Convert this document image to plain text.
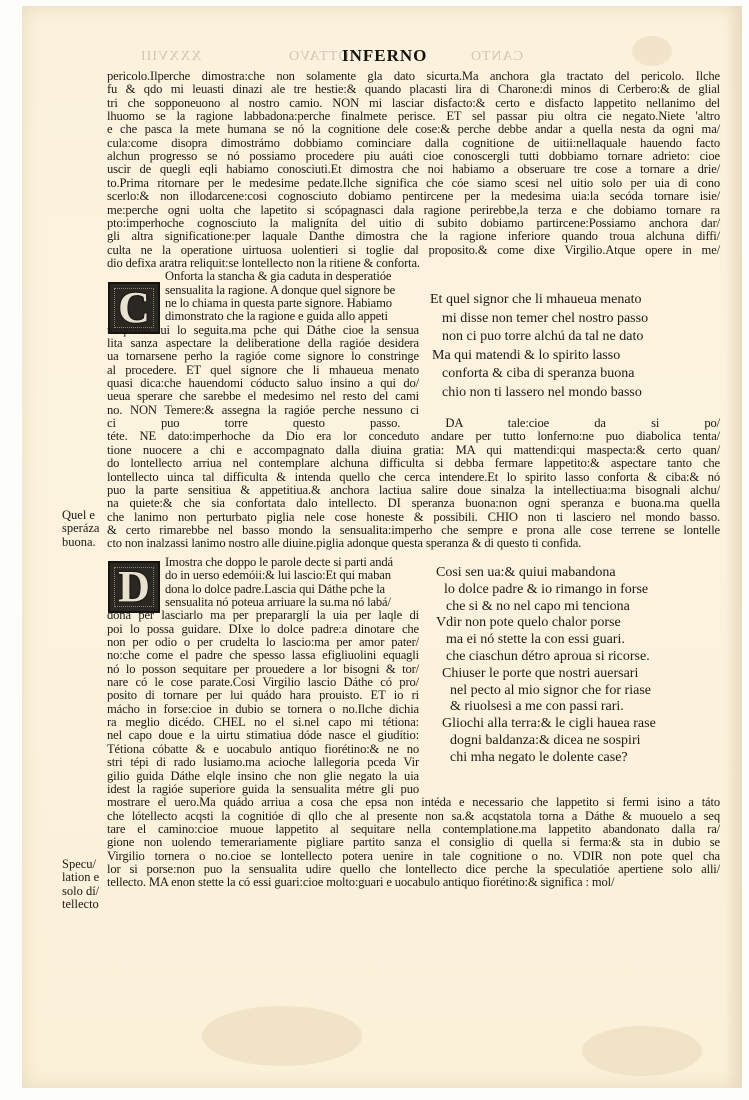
XXXVIII	OTTAVO	CANTO
INFERNO
pericolo.Ilperche dimostra:che non solamente gla dato sicurta.Ma anchora gla tractato del pericolo. Ilche
fu & qdo mi leuasti dinazi ale tre hestie:& quando placasti lira di Charone:di minos di Cerbero:& de glial
tri che sopponeuono al nostro camio. NON mi lasciar disfacto:& certo e disfacto lappetito nellanimo del
lhuomo se la ragione labbadona:perche finalmete perisce. ET sel passar piu oltra cie negato.Niete 'altro
e che pasca la mete humana se nó la cognitione dele cose:& perche debbe andar a quella nesta da ogni ma/
cula:come disopra dimostrámo dobbiamo cominciare dalla cognitione de uitii:nellaquale hauendo facto
alchun progresso se nó possiamo procedere piu auáti cioe conoscergli tutti dobbiamo tornare adrieto: cioe
uscir de quegli eqli habiamo conosciuti.Et dimostra che noi habiamo a obseruare tre cose a tornare a drie/
to.Prima ritornare per le medesime pedate.Ilche significa che cóe siamo scesi nel uitio solo per uia di cono
scerlo:& non illodarcene:cosi cognosciuto dobiamo pentircene per la medesima uia:la secóda tornare isie/
me:perche ogni uolta che lapetito si scópagnasci dala ragione perirebbe,la terza e che dobiamo tornare ra
pto:imperhoche cognosciuto la maligníta del uitio di subito dobiamo partircene:Possiamo anchora dar/
gli altra significatione:per laquale Danthe dimostra che la ragione inferiore quando troua alchuna diffi/
culta ne la operatione uirtuosa uolentieri si toglie dal proposito.& come dixe Virgilio.Atque opere in me/
dio defixa aratra reliquit:se lontellecto non la ritiene & conforta.
C
Onforta la stancha & gia caduta in desperatióe
sensualita la ragione. A donque quel signore be
ne lo chiama in questa parte signore. Habiamo
dimonstrato che la ragione e guida allo appeti
to:quádo lui lo seguita.ma pche qui Dáthe cioe la sensua
lita sanza aspectare la deliberatione della ragióe desidera
ua tornarsene perho la ragióe come signore lo constringe
al procedere. ET quel signore che li mhaueua menato
quasi dica:che hauendomi códucto saluo insino a qui do/
ueua sperare che sarebbe el medesimo nel resto del cami
no. NON Temere:& assegna la ragióe perche nessuno ci
Et quel signor che li mhaueua menato
mi disse non temer chel nostro passo
non ci puo torre alchú da tal ne dato
Ma qui matendi & lo spirito lasso
conforta & ciba di speranza buona
chio non ti lassero nel mondo basso
ci puo torre questo passo. DA tale:cioe da si po/
téte. NE dato:imperhoche da Dio era lor conceduto andare per tutto lonferno:ne puo diabolica tenta/
tione nuocere a chi e accompagnato dalla diuina gratia: MA qui mattendi:qui maspecta:& certo quan/
do lontellecto arriua nel contemplare alchuna difficulta si debba fermare lappetito:& aspectare tanto che
lontellecto uinca tal difficulta & intenda quello che cerca intendere.Et lo spirito lasso conforta & ciba:& nó
puo la parte sensitiua & appetitiua.& anchora lactiua salire doue sinalza la intellectiua:ma bisognali alchu/
na quiete:& che sia confortata dalo intellecto. DI speranza buona:non ogni speranza e buona.ma quella
che lanimo non perturbato piglia nele cose honeste & possibili. CHIO non ti lasciero nel mondo basso.
& certo rimarebbe nel basso mondo la sensualita:imperho che sempre e prona alle cose terrene se lontelle
cto non inalzassi lanimo nostro alle diuine.piglia adonque questa speranza & di questo ti confida.
Quel e
speráza
buona.
D
Imostra che doppo le parole decte si parti andá
do in uerso edemóii:& lui lascio:Et qui maban
dona lo dolce padre.Lascia qui Dáthe pche la
sensualita nó poteua arriuare la su.ma nó labá/
dona per lasciarlo ma per prepararglí la uia per laqle di
poi lo possa guidare. DIxe lo dolce padre:a dinotare che
non per odio o per crudelta lo lascio:ma per amor pater/
no:che come el padre che spesso lassa efigliuolini equagli
nó lo posson sequitare per prouedere a lor bisogni & tor/
nare có le cose parate.Cosi Virgilio lascio Dáthe có pro/
posito di tornare per lui quádo hara prouisto. ET io ri
mácho in forse:cioe in dubio se tornera o no.Ilche dichia
ra meglio dicédo. CHEL no el si.nel capo mi tétiona:
nel capo doue e la uirtu stimatiua dóde nasce el giudítio:
Tétiona cóbatte & e uocabulo antiquo fiorétino:& ne no
stri tépi di rado lusiamo.ma acioche lallegoria pceda Vir
gilio guida Dáthe elqle insino che non glie negato la uia
idest la ragióe superiore guida la sensualita métre gli puo
Cosi sen ua:& quiui mabandona
lo dolce padre & io rimango in forse
che si & no nel capo mi tenciona
Vdir non pote quelo chalor porse
ma ei nó stette la con essi guari.
che ciaschun détro aproua si ricorse.
Chiuser le porte que nostri auersari
nel pecto al mio signor che for riase
& riuolsesi a me con passi rari.
Gliochi alla terra:& le cigli hauea rase
dogni baldanza:& dicea ne sospiri
chi mha negato le dolente case?
mostrare el uero.Ma quádo arriua a cosa che epsa non intéda e necessario che lappetito si fermi isino a táto
che lótellecto acqsti la cognitióe di qllo che al presente non sa.& acqstatola torna a Dáthe & muouelo a seq
tare el camino:cioe muoue lappetito al sequitare nella contemplatione.ma lappetito abandonato dalla ra/
gione non uolendo temerariamente pigliare partito sanza el consiglio di quella si ferma:& sta in dubio se
Virgilio tornera o no.cioe se lontellecto potera uenire in tale cognitione o no. VDIR non pote quel cha
lor si porse:non puo la sensualita udire quello che lontellecto dice perche la speculatióe apertiene solo alli/
tellecto. MA enon stette la có essi guari:cioe molto:guari e uocabulo antiquo fiorétino:& significa : mol/
Specu/
lation e
solo dí/
tellecto
